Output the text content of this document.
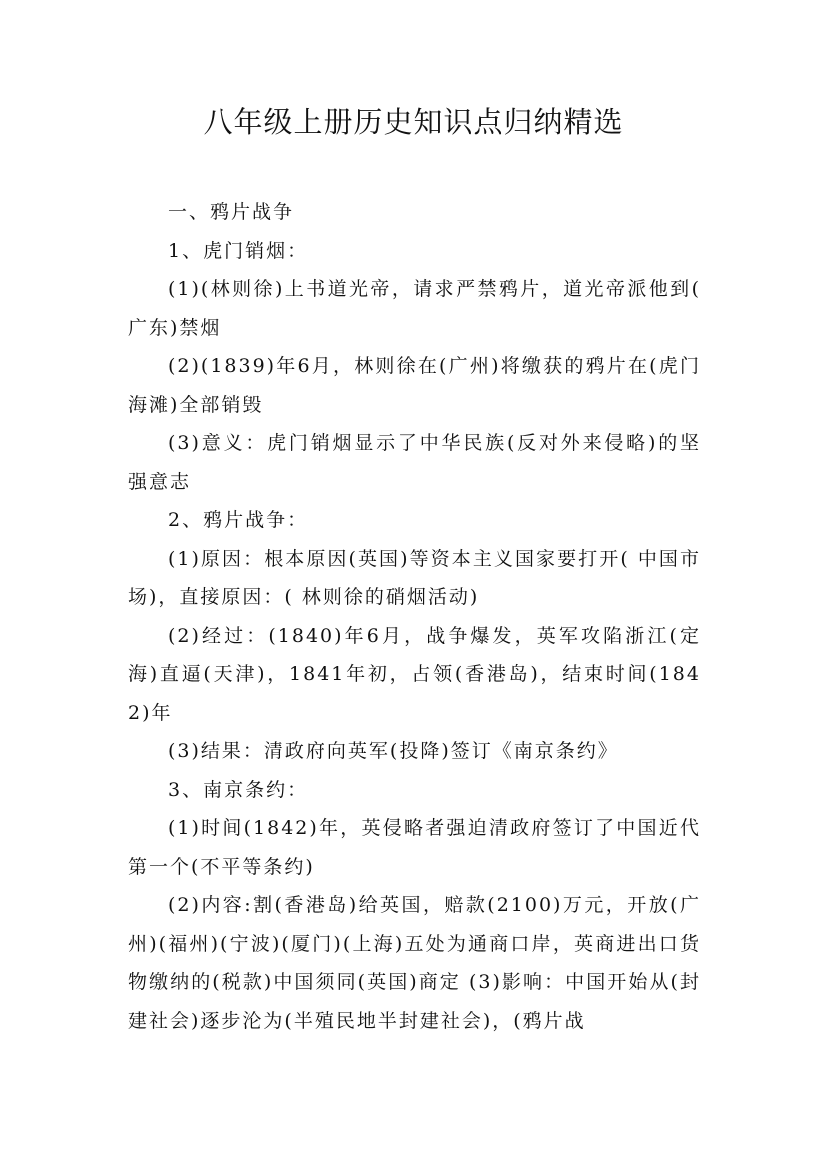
八年级上册历史知识点归纳精选

一、鸦片战争

1、虎门销烟：

(1)(林则徐)上书道光帝，请求严禁鸦片，道光帝派他到( 广东)禁烟

(2)(1839)年6月，林则徐在(广州)将缴获的鸦片在(虎门海滩)全部销毁

(3)意义：虎门销烟显示了中华民族(反对外来侵略)的坚强意志

2、鸦片战争：

(1)原因：根本原因(英国)等资本主义国家要打开( 中国市场)，直接原因：( 林则徐的硝烟活动)

(2)经过：(1840)年6月，战争爆发，英军攻陷浙江(定海)直逼(天津)，1841年初，占领(香港岛)，结束时间(1842)年

(3)结果：清政府向英军(投降)签订《南京条约》

3、南京条约：

(1)时间(1842)年，英侵略者强迫清政府签订了中国近代第一个(不平等条约)

(2)内容:割(香港岛)给英国，赔款(2100)万元，开放(广州)(福州)(宁波)(厦门)(上海)五处为通商口岸，英商进出口货物缴纳的(税款)中国须同(英国)商定 (3)影响：中国开始从(封建社会)逐步沦为(半殖民地半封建社会)，(鸦片战
